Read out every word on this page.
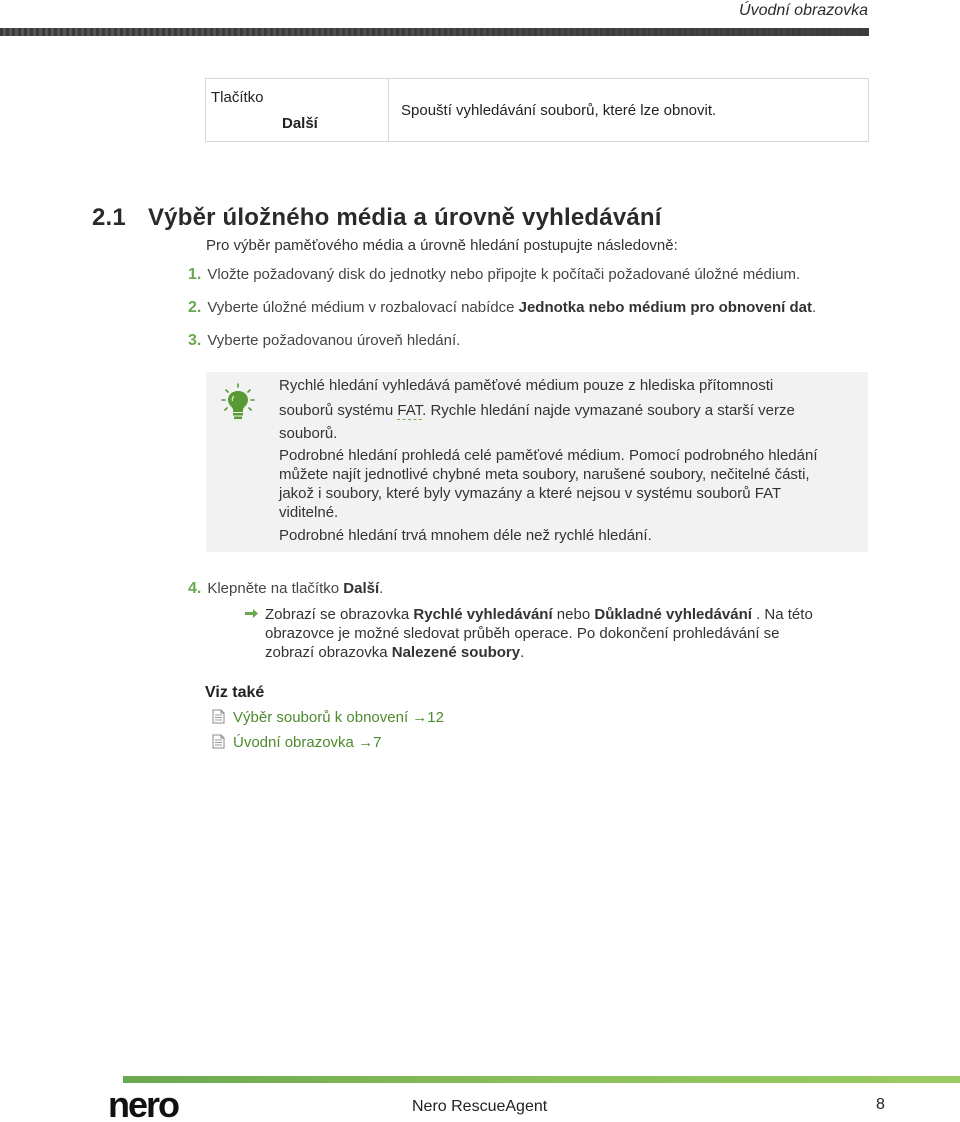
Úvodní obrazovka
Tlačítko
Další
Spouští vyhledávání souborů, které lze obnovit.
2.1 Výběr úložného média a úrovně vyhledávání
Pro výběr paměťového média a úrovně hledání postupujte následovně:
1. Vložte požadovaný disk do jednotky nebo připojte k počítači požadované úložné médium.
2. Vyberte úložné médium v rozbalovací nabídce Jednotka nebo médium pro obnovení dat.
3. Vyberte požadovanou úroveň hledání.
Rychlé hledání vyhledává paměťové médium pouze z hlediska přítomnosti
souborů systému FAT. Rychle hledání najde vymazané soubory a starší verze
souborů.
Podrobné hledání prohledá celé paměťové médium. Pomocí podrobného hledání
můžete najít jednotlivé chybné meta soubory, narušené soubory, nečitelné části,
jakož i soubory, které byly vymazány a které nejsou v systému souborů FAT
viditelné.
Podrobné hledání trvá mnohem déle než rychlé hledání.
4. Klepněte na tlačítko Další.
Zobrazí se obrazovka Rychlé vyhledávání nebo Důkladné vyhledávání . Na této
obrazovce je možné sledovat průběh operace. Po dokončení prohledávání se
zobrazí obrazovka Nalezené soubory.
Viz také
Výběr souborů k obnovení →12
Úvodní obrazovka →7
nero	Nero RescueAgent	8
